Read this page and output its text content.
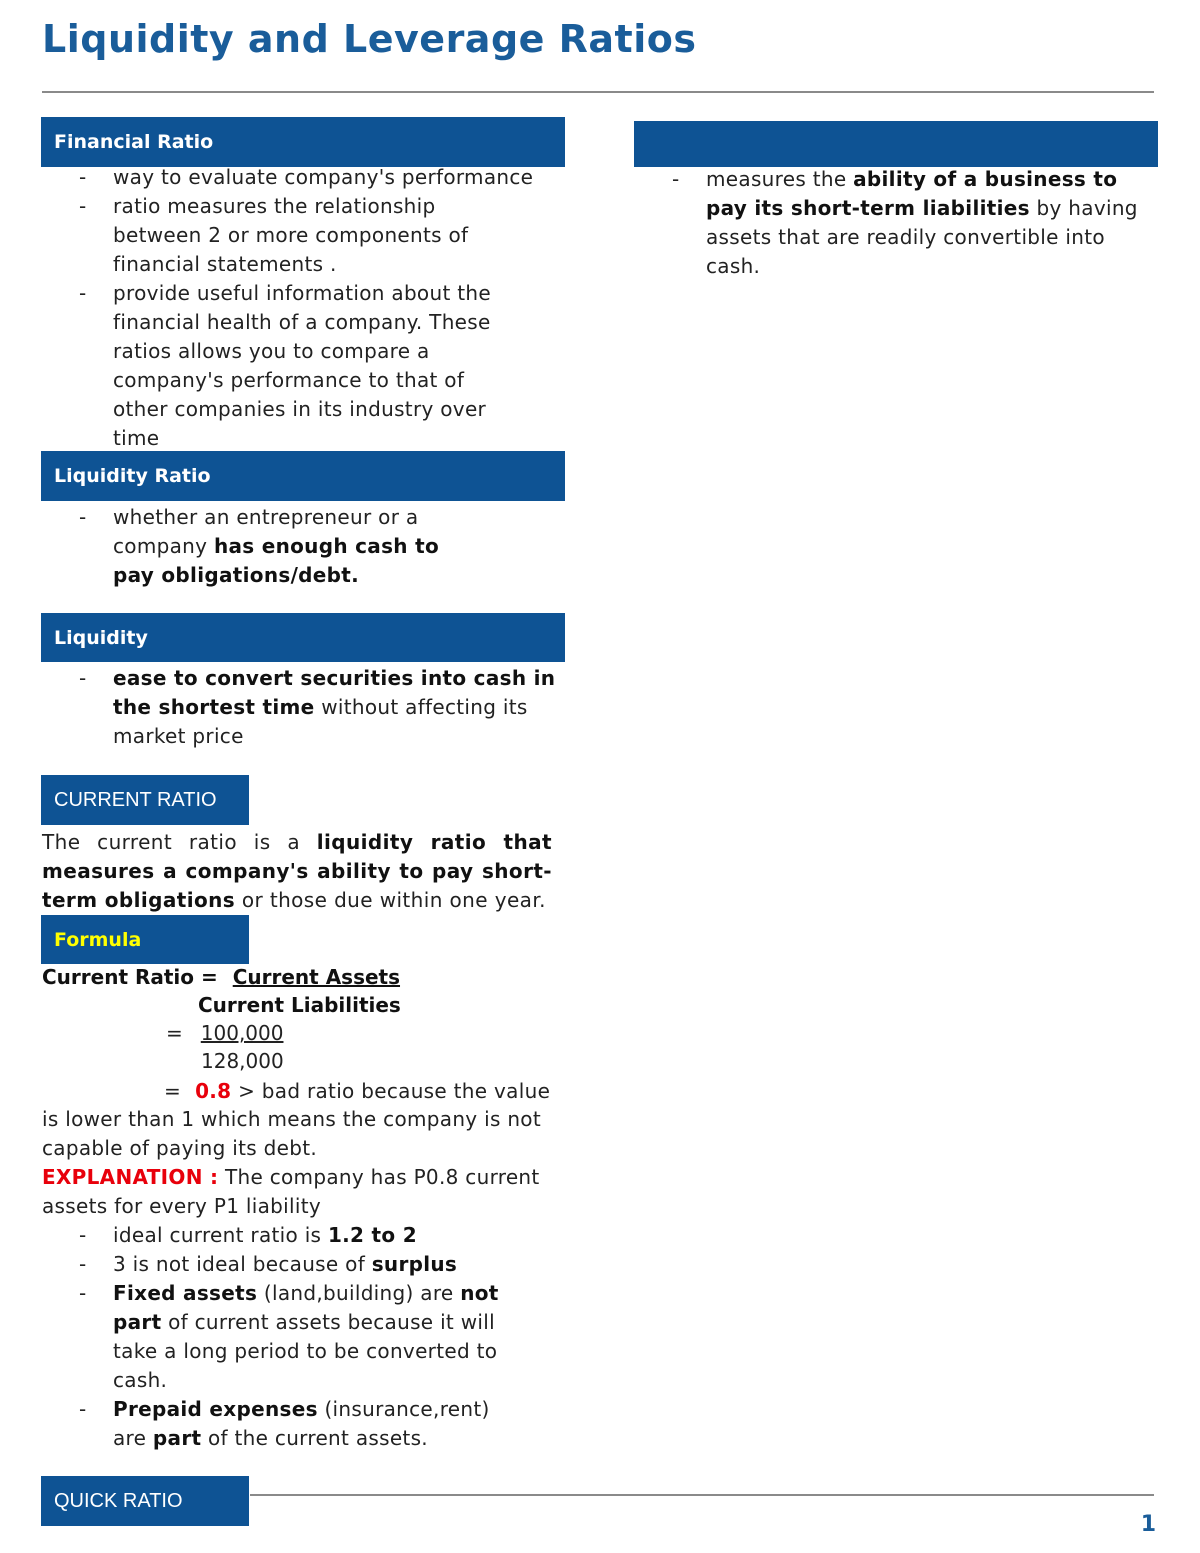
Liquidity and Leverage Ratios
Financial Ratio
- way to evaluate company's performance
- ratio measures the relationship between 2 or more components of financial statements .
- provide useful information about the financial health of a company. These ratios allows you to compare a company's performance to that of other companies in its industry over time
Liquidity Ratio
- whether an entrepreneur or a company has enough cash to pay obligations/debt.
Liquidity
- ease to convert securities into cash in the shortest time without affecting its market price
CURRENT RATIO
The current ratio is a liquidity ratio that measures a company's ability to pay short-term obligations or those due within one year.
Formula
Current Ratio = Current Assets
Current Liabilities
= 100,000
128,000
= 0.8 > bad ratio because the value
is lower than 1 which means the company is not capable of paying its debt.
EXPLANATION : The company has P0.8 current assets for every P1 liability
- ideal current ratio is 1.2 to 2
- 3 is not ideal because of surplus
- Fixed assets (land,building) are not part of current assets because it will take a long period to be converted to cash.
- Prepaid expenses (insurance,rent) are part of the current assets.
- measures the ability of a business to pay its short-term liabilities by having assets that are readily convertible into cash.
QUICK RATIO
1
